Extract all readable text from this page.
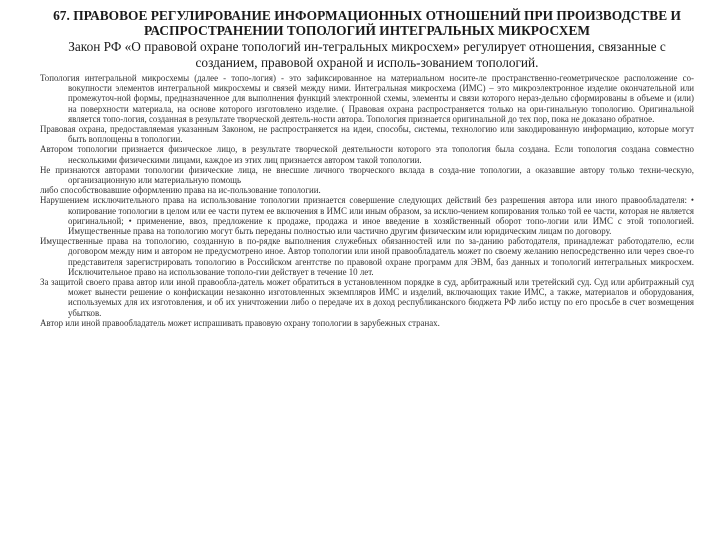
67. ПРАВОВОЕ РЕГУЛИРОВАНИЕ ИНФОРМАЦИОННЫХ ОТНОШЕНИЙ ПРИ ПРОИЗВОДСТВЕ И РАСПРОСТРАНЕНИИ ТОПОЛОГИЙ ИНТЕГРАЛЬНЫХ МИКРОСХЕМ
Закон РФ «О правовой охране топологий ин-тегральных микросхем» регулирует отношения, связанные с созданием, правовой охраной и исполь-зованием топологий.

Топология интегральной микросхемы (далее - топо-логия) - это зафиксированное на материальном носите-ле пространственно-геометрическое расположение со-вокупности элементов интегральной микросхемы и связей между ними. Интегральная микросхема (ИМС) – это микроэлектронное изделие окончательной или промежуточ-ной формы, предназначенное для выполнения функций электронной схемы, элементы и связи которого нераз-дельно сформированы в объеме и (или) на поверхности материала, на основе которого изготовлено изделие. ( Правовая охрана распространяется только на ори-гинальную топологию. Оригинальной является топо-логия, созданная в результате творческой деятель-ности автора. Топология признается оригинальной до тех пор, пока не доказано обратное.

Правовая охрана, предоставляемая указанным Законом, не распространяется на идеи, способы, системы, технологию или закодированную информацию, которые могут быть воплощены в топологии.

Автором топологии признается физическое лицо, в результате творческой деятельности которого эта топология была создана. Если топология создана совместно несколькими физическими лицами, каждое из этих лиц признается автором такой топологии.

Не признаются авторами топологии физические лица, не внесшие личного творческого вклада в созда-ние топологии, а оказавшие автору только техни-ческую, организационную или материальную помощь

либо способствовавшие оформлению права на ис-пользование топологии.

Нарушением исключительного права на использование топологии признается совершение следующих действий без разрешения автора или иного правообладателя: • копирование топологии в целом или ее части путем ее включения в ИМС или иным образом, за исклю-чением копирования только той ее части, которая не является оригинальной; • применение, ввоз, предложение к продаже, продажа и иное введение в хозяйственный оборот топо-логии или ИМС с этой топологией. Имущественные права на топологию могут быть переданы полностью или частично другим физическим или юридическим лицам по договору.

Имущественные права на топологию, созданную в по-рядке выполнения служебных обязанностей или по за-данию работодателя, принадлежат работодателю, если договором между ним и автором не предусмотрено иное. Автор топологии или иной правообладатель может по своему желанию непосредственно или через свое-го представителя зарегистрировать топологию в Российском агентстве по правовой охране программ для ЭВМ, баз данных и топологий интегральных микросхем. Исключительное право на использование тополо-гии действует в течение 10 лет.

За защитой своего права автор или иной правообла-датель может обратиться в установленном порядке в суд, арбитражный или третейский суд. Суд или арбитражный суд может вынести решение о конфискации незаконно изготовленных экземпляров ИМС и изделий, включающих такие ИМС, а также, материалов и оборудования, используемых для их изготовления, и об их уничтожении либо о передаче их в доход республиканского бюджета РФ либо истцу по его просьбе в счет возмещения убытков.

Автор или иной правообладатель может испрашивать правовую охрану топологии в зарубежных странах.
